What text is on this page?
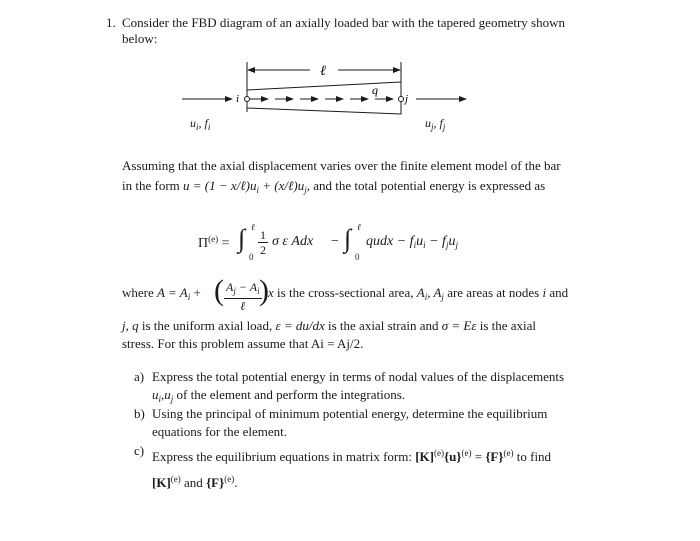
1. Consider the FBD diagram of an axially loaded bar with the tapered geometry shown
below:
ℓ
q
i	j
$u_i$, $f_i$	$u_j$, $f_j$
Assuming that the axial displacement varies over the finite element model of the bar
in the form $u = (1 - x/\ell)u_i$ + $(x/\ell)u_j$, and the total potential energy is expressed as
$\Pi^{(e)}$ = ∫ ℓ
$0 \frac{1}{2}$ σ ε Adx − ∫ ℓ
0
qudx − $f_iu_i - f_ju_j$
where $A = A_i$ + ( $A_j - A_i$
ℓ ) x is the cross-sectional area, $A_i$, $A_j$ are areas at nodes i and
j, q is the uniform axial load, ε = du/dx is the axial strain and σ = Eε is the axial
stress. For this problem assume that Ai = Aj/2.
a) Express the total potential energy in terms of nodal values of the displacements
$u_i,u_j$ of the element and perform the integrations.
b) Using the principal of minimum potential energy, determine the equilibrium
equations for the element.
c) Express the equilibrium equations in matrix form: $[K]^{(e)}\{u\}^{(e)} = \{F\}^{(e)}$ to find
$[K]^{(e)}$ and $\{F\}^{(e)}$.
